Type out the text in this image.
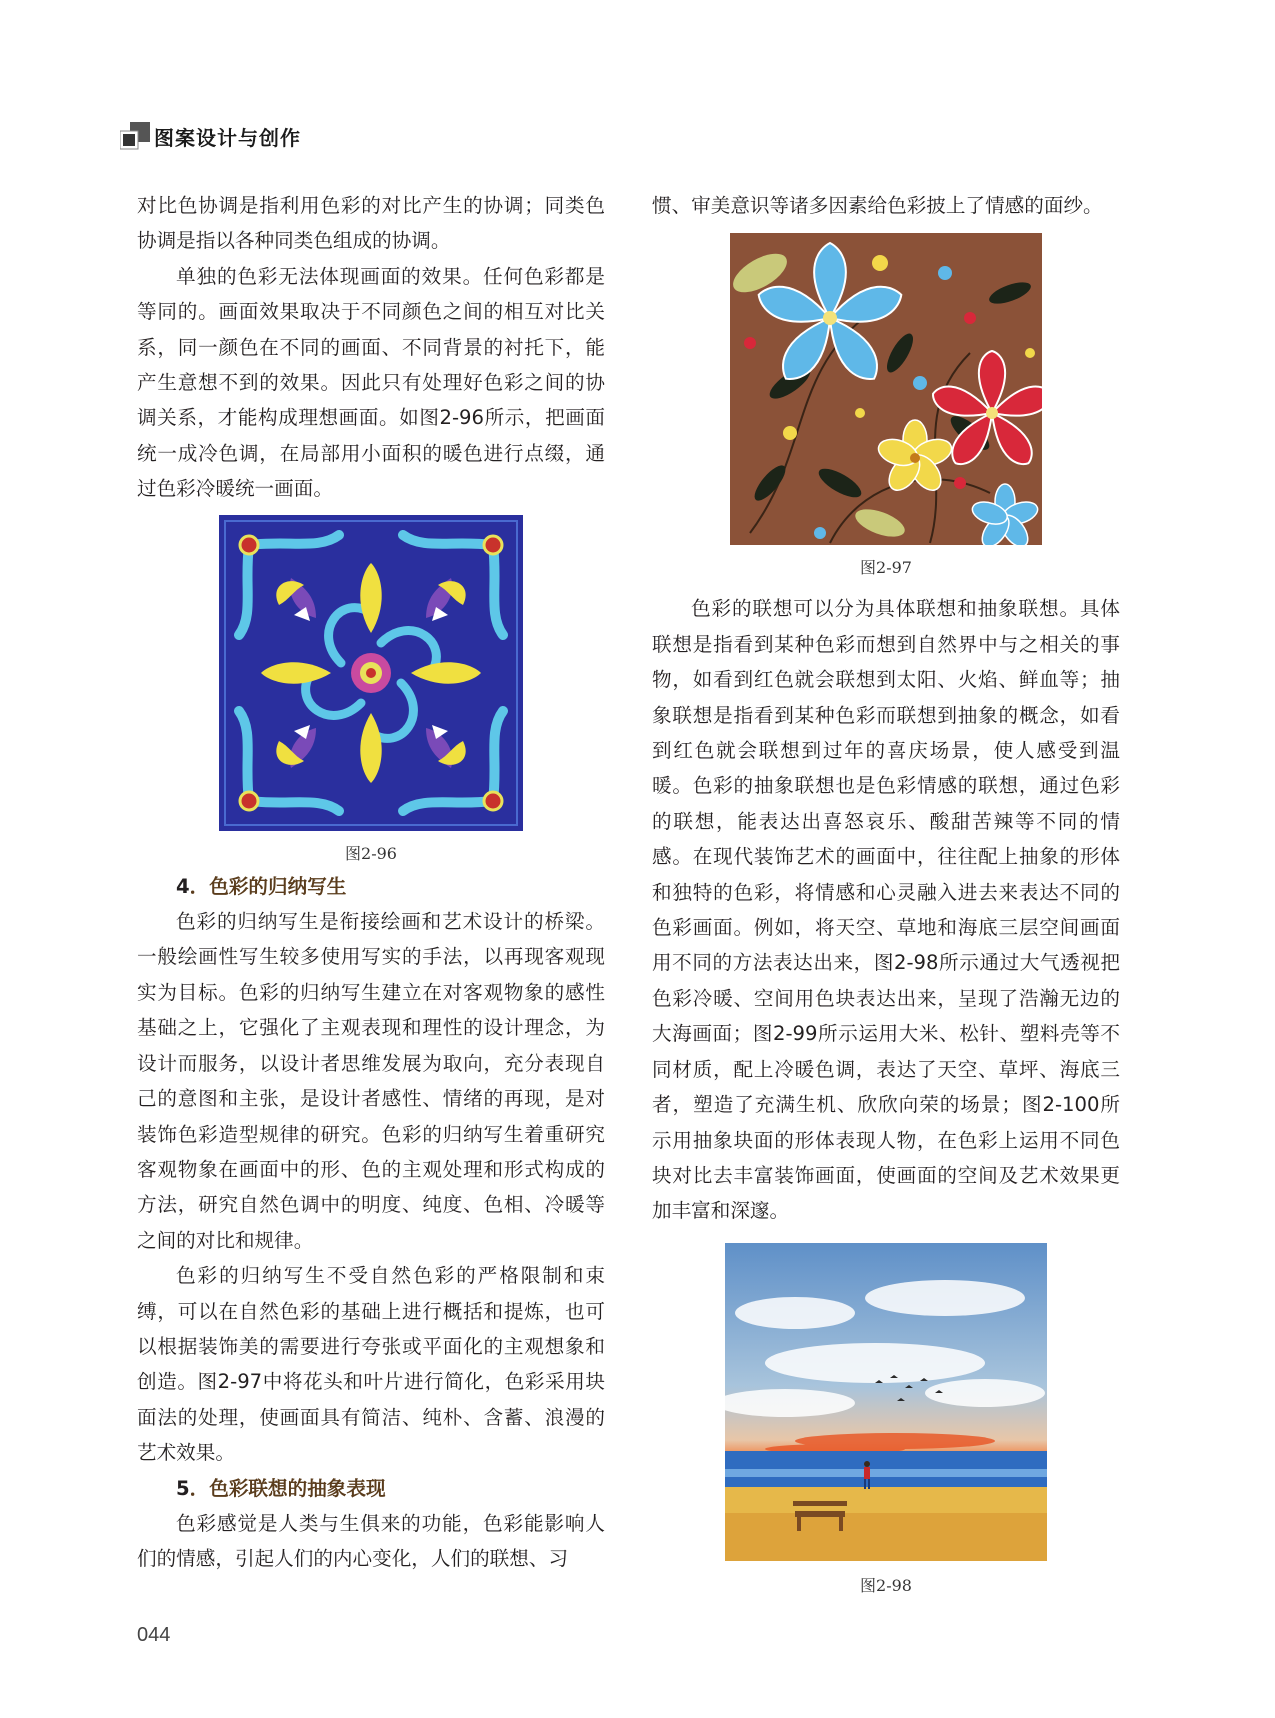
图案设计与创作

对比色协调是指利用色彩的对比产生的协调；同类色协调是指以各种同类色组成的协调。

单独的色彩无法体现画面的效果。任何色彩都是等同的。画面效果取决于不同颜色之间的相互对比关系，同一颜色在不同的画面、不同背景的衬托下，能产生意想不到的效果。因此只有处理好色彩之间的协调关系，才能构成理想画面。如图2-96所示，把画面统一成冷色调，在局部用小面积的暖色进行点缀，通过色彩冷暖统一画面。

图2-96

4．色彩的归纳写生

色彩的归纳写生是衔接绘画和艺术设计的桥梁。一般绘画性写生较多使用写实的手法，以再现客观现实为目标。色彩的归纳写生建立在对客观物象的感性基础之上，它强化了主观表现和理性的设计理念，为设计而服务，以设计者思维发展为取向，充分表现自己的意图和主张，是设计者感性、情绪的再现，是对装饰色彩造型规律的研究。色彩的归纳写生着重研究客观物象在画面中的形、色的主观处理和形式构成的方法，研究自然色调中的明度、纯度、色相、冷暖等之间的对比和规律。

色彩的归纳写生不受自然色彩的严格限制和束缚，可以在自然色彩的基础上进行概括和提炼，也可以根据装饰美的需要进行夸张或平面化的主观想象和创造。图2-97中将花头和叶片进行简化，色彩采用块面法的处理，使画面具有简洁、纯朴、含蓄、浪漫的艺术效果。

5．色彩联想的抽象表现

色彩感觉是人类与生俱来的功能，色彩能影响人们的情感，引起人们的内心变化，人们的联想、习

惯、审美意识等诸多因素给色彩披上了情感的面纱。

图2-97

色彩的联想可以分为具体联想和抽象联想。具体联想是指看到某种色彩而想到自然界中与之相关的事物，如看到红色就会联想到太阳、火焰、鲜血等；抽象联想是指看到某种色彩而联想到抽象的概念，如看到红色就会联想到过年的喜庆场景，使人感受到温暖。色彩的抽象联想也是色彩情感的联想，通过色彩的联想，能表达出喜怒哀乐、酸甜苦辣等不同的情感。在现代装饰艺术的画面中，往往配上抽象的形体和独特的色彩，将情感和心灵融入进去来表达不同的色彩画面。例如，将天空、草地和海底三层空间画面用不同的方法表达出来，图2-98所示通过大气透视把色彩冷暖、空间用色块表达出来，呈现了浩瀚无边的大海画面；图2-99所示运用大米、松针、塑料壳等不同材质，配上冷暖色调，表达了天空、草坪、海底三者，塑造了充满生机、欣欣向荣的场景；图2-100所示用抽象块面的形体表现人物，在色彩上运用不同色块对比去丰富装饰画面，使画面的空间及艺术效果更加丰富和深邃。

图2-98
044
